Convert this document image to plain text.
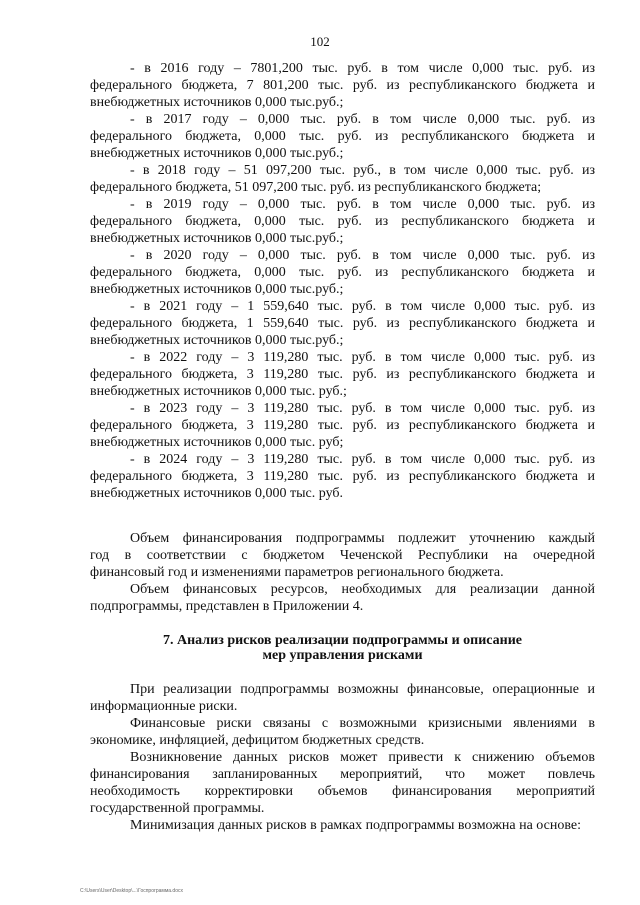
102
- в 2016 году – 7801,200 тыс. руб. в том числе 0,000 тыс. руб. из
федерального бюджета, 7 801,200 тыс. руб. из республиканского бюджета и
внебюджетных источников 0,000 тыс.руб.;
- в 2017 году – 0,000 тыс. руб. в том числе 0,000 тыс. руб. из
федерального бюджета, 0,000 тыс. руб. из республиканского бюджета и
внебюджетных источников 0,000 тыс.руб.;
- в 2018 году – 51 097,200 тыс. руб., в том числе 0,000 тыс. руб. из
федерального бюджета, 51 097,200 тыс. руб. из республиканского бюджета;
- в 2019 году – 0,000 тыс. руб. в том числе 0,000 тыс. руб. из
федерального бюджета, 0,000 тыс. руб. из республиканского бюджета и
внебюджетных источников 0,000 тыс.руб.;
- в 2020 году – 0,000 тыс. руб. в том числе 0,000 тыс. руб. из
федерального бюджета, 0,000 тыс. руб. из республиканского бюджета и
внебюджетных источников 0,000 тыс.руб.;
- в 2021 году – 1 559,640 тыс. руб. в том числе 0,000 тыс. руб. из
федерального бюджета, 1 559,640 тыс. руб. из республиканского бюджета и
внебюджетных источников 0,000 тыс.руб.;
- в 2022 году – 3 119,280 тыс. руб. в том числе 0,000 тыс. руб. из
федерального бюджета, 3 119,280 тыс. руб. из республиканского бюджета и
внебюджетных источников 0,000 тыс. руб.;
- в 2023 году – 3 119,280 тыс. руб. в том числе 0,000 тыс. руб. из
федерального бюджета, 3 119,280 тыс. руб. из республиканского бюджета и
внебюджетных источников 0,000 тыс. руб;
- в 2024 году – 3 119,280 тыс. руб. в том числе 0,000 тыс. руб. из
федерального бюджета, 3 119,280 тыс. руб. из республиканского бюджета и
внебюджетных источников 0,000 тыс. руб.
Объем финансирования подпрограммы подлежит уточнению каждый
год в соответствии с бюджетом Чеченской Республики на очередной
финансовый год и изменениями параметров регионального бюджета.
Объем финансовых ресурсов, необходимых для реализации данной
подпрограммы, представлен в Приложении 4.
7. Анализ рисков реализации подпрограммы и описание
мер управления рисками
При реализации подпрограммы возможны финансовые, операционные и
информационные риски.
Финансовые риски связаны с возможными кризисными явлениями в
экономике, инфляцией, дефицитом бюджетных средств.
Возникновение данных рисков может привести к снижению объемов
финансирования запланированных мероприятий, что может повлечь
необходимость корректировки объемов финансирования мероприятий
государственной программы.
Минимизация данных рисков в рамках подпрограммы возможна на основе:
C:\Users\User\Desktop\...\Госпрограмма.docx
